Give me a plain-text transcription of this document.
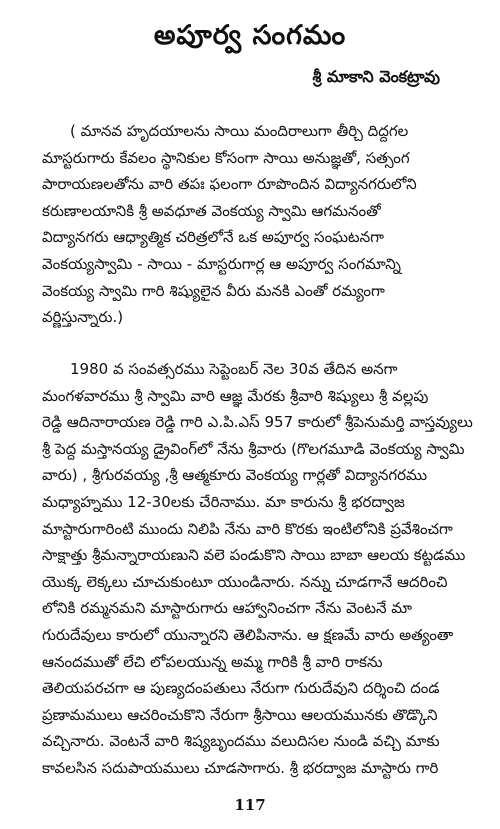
అపూర్వ సంగమం
శ్రీ మాకాని వెంకట్రావు
( మానవ హృదయాలను సాయి మందిరాలుగా తీర్చి దిద్దగల
మాస్టరుగారు కేవలం స్థానికుల కోసంగా సాయి అనుజ్ఞతో, సత్సంగ
పారాయణలతోను వారి తపః ఫలంగా రూపొందిన విద్యానగరులోని
కరుణాలయానికి శ్రీ అవధూత వెంకయ్య స్వామి ఆగమనంతో
విద్యానగరు ఆధ్యాత్మిక చరిత్రలోనే ఒక అపూర్వ సంఘటనగా
వెంకయ్యస్వామి - సాయి - మాస్టరుగార్ల ఆ అపూర్వ సంగమాన్ని
వెంకయ్య స్వామి గారి శిష్యులైన వీరు మనకి ఎంతో రమ్యంగా
వర్ణిస్తున్నారు.)
1980 వ సంవత్సరము సెప్టెంబర్ నెల 30వ తేదిన అనగా
మంగళవారము శ్రీ స్వామి వారి ఆజ్ఞ మేరకు శ్రీవారి శిష్యులు శ్రీ వల్లపు
రెడ్డి ఆదినారాయణ రెడ్డి గారి ఎ.పి.ఎస్ 957 కారులో శ్రీపెనుమర్తి వాస్తవ్యులు
శ్రీ పెద్ద మస్తానయ్య డ్రైవింగ్‌లో నేను శ్రీవారు (గొలగమూడి వెంకయ్య స్వామి
వారు) , శ్రీగురవయ్య ,శ్రీ ఆత్మకూరు వెంకయ్య గార్లతో విద్యానగరము
మధ్యాహ్నము 12-30లకు చేరినాము. మా కారును శ్రీ భరద్వాజ
మాస్టారుగారింటి ముందు నిలిపి నేను వారి కొరకు ఇంటిలోనికి ప్రవేశించగా
సాక్షాత్తు శ్రీమన్నారాయణుని వలె పండుకొని సాయి బాబా ఆలయ కట్టడము
యొక్క లెక్కలు చూచుకుంటూ యుండినారు. నన్ను చూడగానే ఆదరించి
లోనికి రమ్మనమని మాస్టారుగారు ఆహ్వానించగా నేను వెంటనే మా
గురుదేవులు కారులో యున్నారని తెలిపినాను. ఆ క్షణమే వారు అత్యంతా
ఆనందముతో లేచి లోపలయున్న అమ్మ గారికి శ్రీ వారి రాకను
తెలియపరచగా ఆ పుణ్యదంపతులు నేరుగా గురుదేవుని దర్శించి దండ
ప్రణామములు ఆచరించుకొని నేరుగా శ్రీసాయి ఆలయమునకు తొడ్కొని
వచ్చినారు. వెంటనే వారి శిష్యబృందము వలుదిసల నుండి వచ్చి మాకు
కావలసిన సదుపాయములు చూడసాగారు. శ్రీ భరద్వాజ మాస్టారు గారి
117
